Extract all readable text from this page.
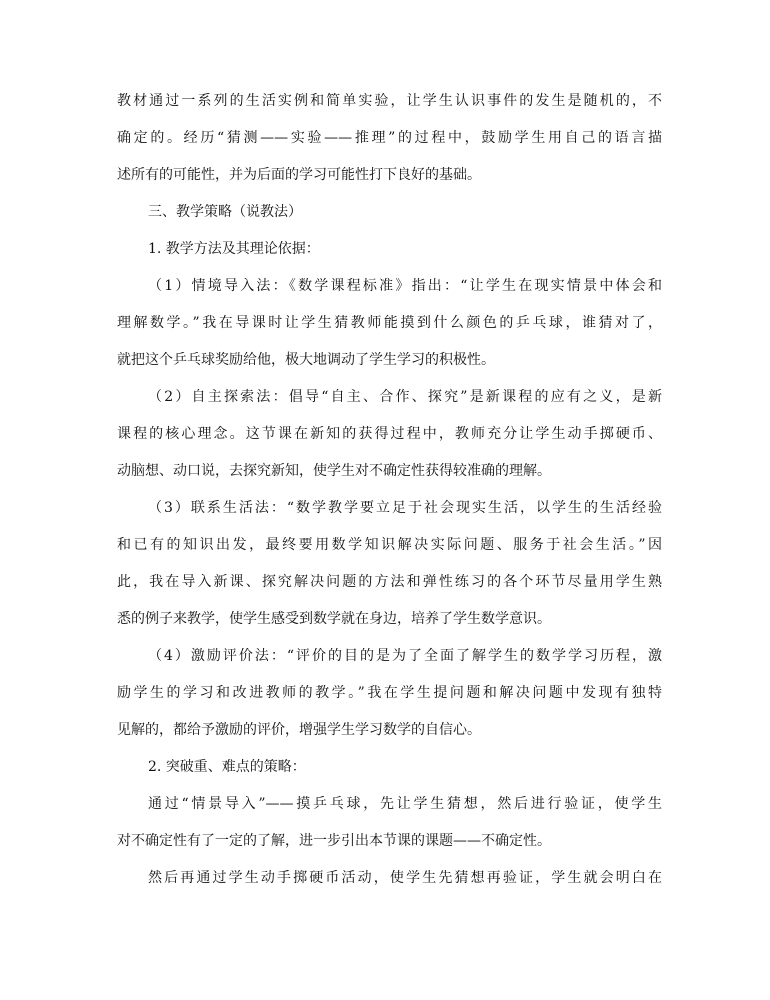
教材通过一系列的生活实例和简单实验，让学生认识事件的发生是随机的，不
确定的。经历“猜测——实验——推理”的过程中，鼓励学生用自己的语言描
述所有的可能性，并为后面的学习可能性打下良好的基础。
三、教学策略（说教法）
1. 教学方法及其理论依据：
（1）情境导入法：《数学课程标准》指出：“让学生在现实情景中体会和
理解数学。”我在导课时让学生猜教师能摸到什么颜色的乒乓球，谁猜对了，
就把这个乒乓球奖励给他，极大地调动了学生学习的积极性。
（2）自主探索法：倡导“自主、合作、探究”是新课程的应有之义，是新
课程的核心理念。这节课在新知的获得过程中，教师充分让学生动手掷硬币、
动脑想、动口说，去探究新知，使学生对不确定性获得较准确的理解。
（3）联系生活法：“数学教学要立足于社会现实生活，以学生的生活经验
和已有的知识出发，最终要用数学知识解决实际问题、服务于社会生活。”因
此，我在导入新课、探究解决问题的方法和弹性练习的各个环节尽量用学生熟
悉的例子来教学，使学生感受到数学就在身边，培养了学生数学意识。
（4）激励评价法：“评价的目的是为了全面了解学生的数学学习历程，激
励学生的学习和改进教师的教学。”我在学生提问题和解决问题中发现有独特
见解的，都给予激励的评价，增强学生学习数学的自信心。
2. 突破重、难点的策略：
通过“情景导入”——摸乒乓球，先让学生猜想，然后进行验证，使学生
对不确定性有了一定的了解，进一步引出本节课的课题——不确定性。
然后再通过学生动手掷硬币活动，使学生先猜想再验证，学生就会明白在
